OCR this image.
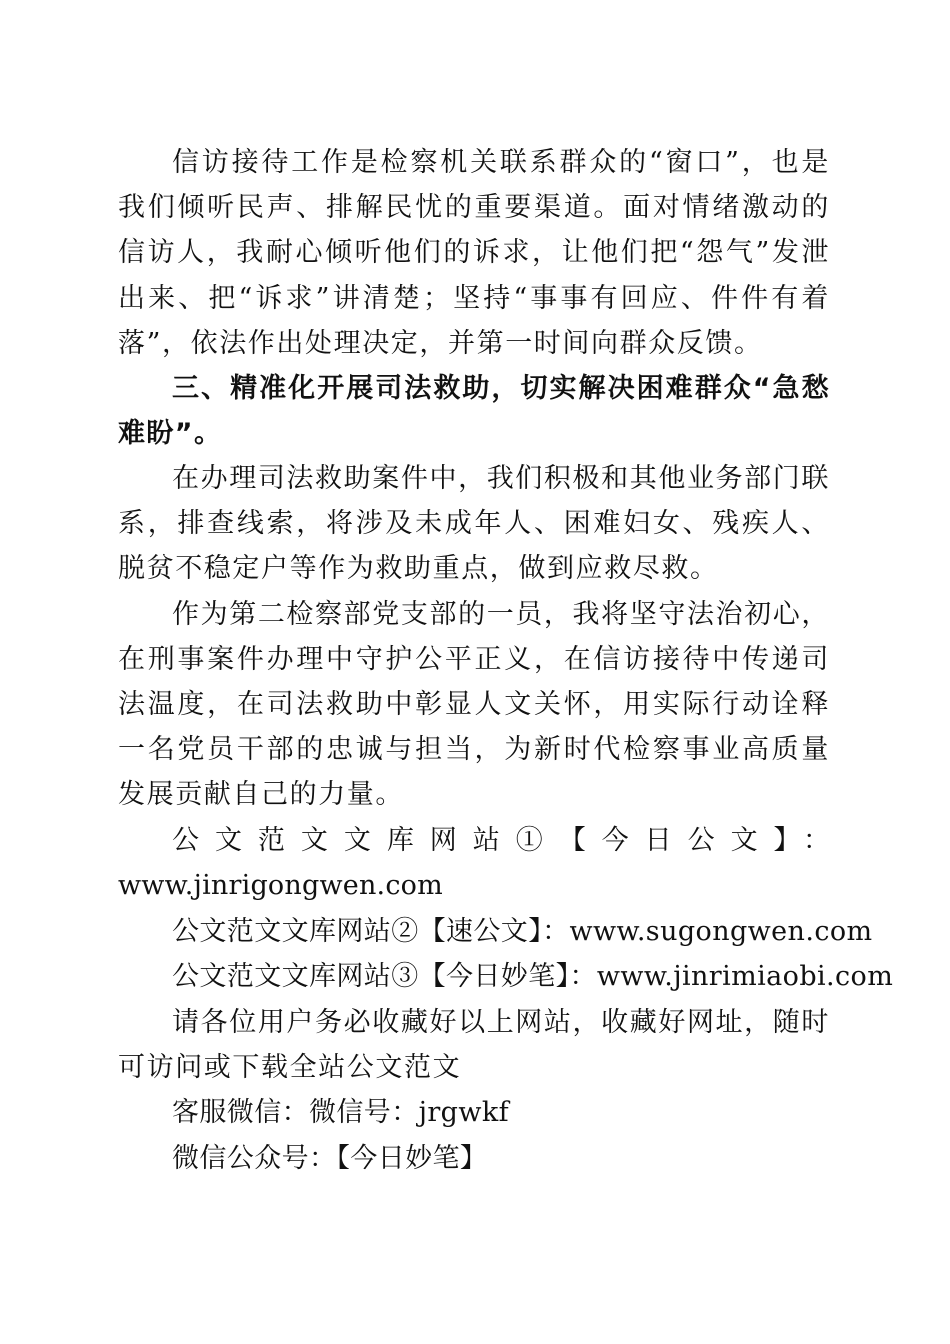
信访接待工作是检察机关联系群众的“窗口”，也是我们倾听民声、排解民忧的重要渠道。面对情绪激动的信访人，我耐心倾听他们的诉求，让他们把“怨气”发泄出来、把“诉求”讲清楚；坚持“事事有回应、件件有着落”，依法作出处理决定，并第一时间向群众反馈。

三、精准化开展司法救助，切实解决困难群众“急愁难盼”。

在办理司法救助案件中，我们积极和其他业务部门联系，排查线索，将涉及未成年人、困难妇女、残疾人、脱贫不稳定户等作为救助重点，做到应救尽救。

作为第二检察部党支部的一员，我将坚守法治初心，在刑事案件办理中守护公平正义，在信访接待中传递司法温度，在司法救助中彰显人文关怀，用实际行动诠释一名党员干部的忠诚与担当，为新时代检察事业高质量发展贡献自己的力量。

公文范文文库网站①【今日公文】：
www.jinrigongwen.com

公文范文文库网站②【速公文】：www.sugongwen.com

公文范文文库网站③【今日妙笔】：www.jinrimiaobi.com

请各位用户务必收藏好以上网站，收藏好网址，随时可访问或下载全站公文范文

客服微信：微信号：jrgwkf

微信公众号：【今日妙笔】
